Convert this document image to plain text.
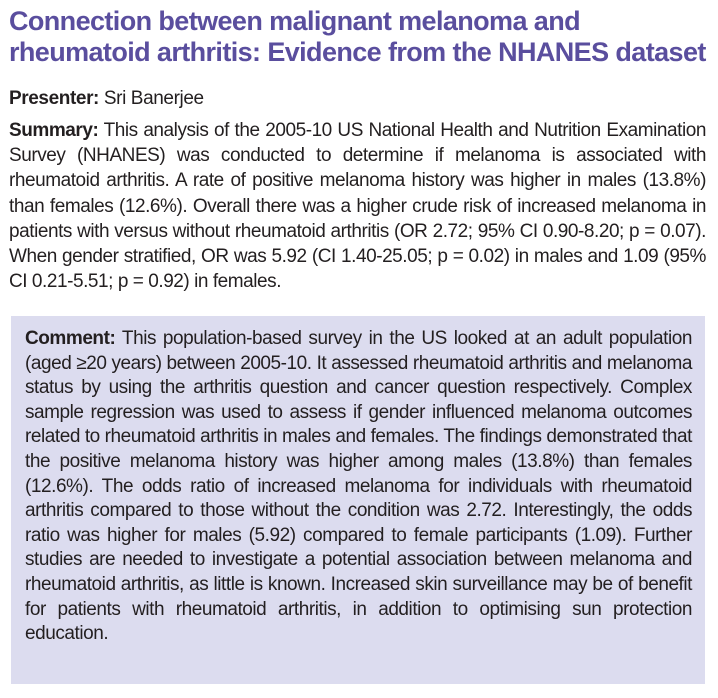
Connection between malignant melanoma and rheumatoid arthritis: Evidence from the NHANES dataset

Presenter: Sri Banerjee

Summary: This analysis of the 2005-10 US National Health and Nutrition Examination Survey (NHANES) was conducted to determine if melanoma is associated with rheumatoid arthritis. A rate of positive melanoma history was higher in males (13.8%) than females (12.6%). Overall there was a higher crude risk of increased melanoma in patients with versus without rheumatoid arthritis (OR 2.72; 95% CI 0.90-8.20; p = 0.07). When gender stratified, OR was 5.92 (CI 1.40-25.05; p = 0.02) in males and 1.09 (95% CI 0.21-5.51; p = 0.92) in females.

Comment: This population-based survey in the US looked at an adult population (aged ≥20 years) between 2005-10. It assessed rheumatoid arthritis and melanoma status by using the arthritis question and cancer question respectively. Complex sample regression was used to assess if gender influenced melanoma outcomes related to rheumatoid arthritis in males and females. The findings demonstrated that the positive melanoma history was higher among males (13.8%) than females (12.6%). The odds ratio of increased melanoma for individuals with rheumatoid arthritis compared to those without the condition was 2.72. Interestingly, the odds ratio was higher for males (5.92) compared to female participants (1.09). Further studies are needed to investigate a potential association between melanoma and rheumatoid arthritis, as little is known. Increased skin surveillance may be of benefit for patients with rheumatoid arthritis, in addition to optimising sun protection education.
